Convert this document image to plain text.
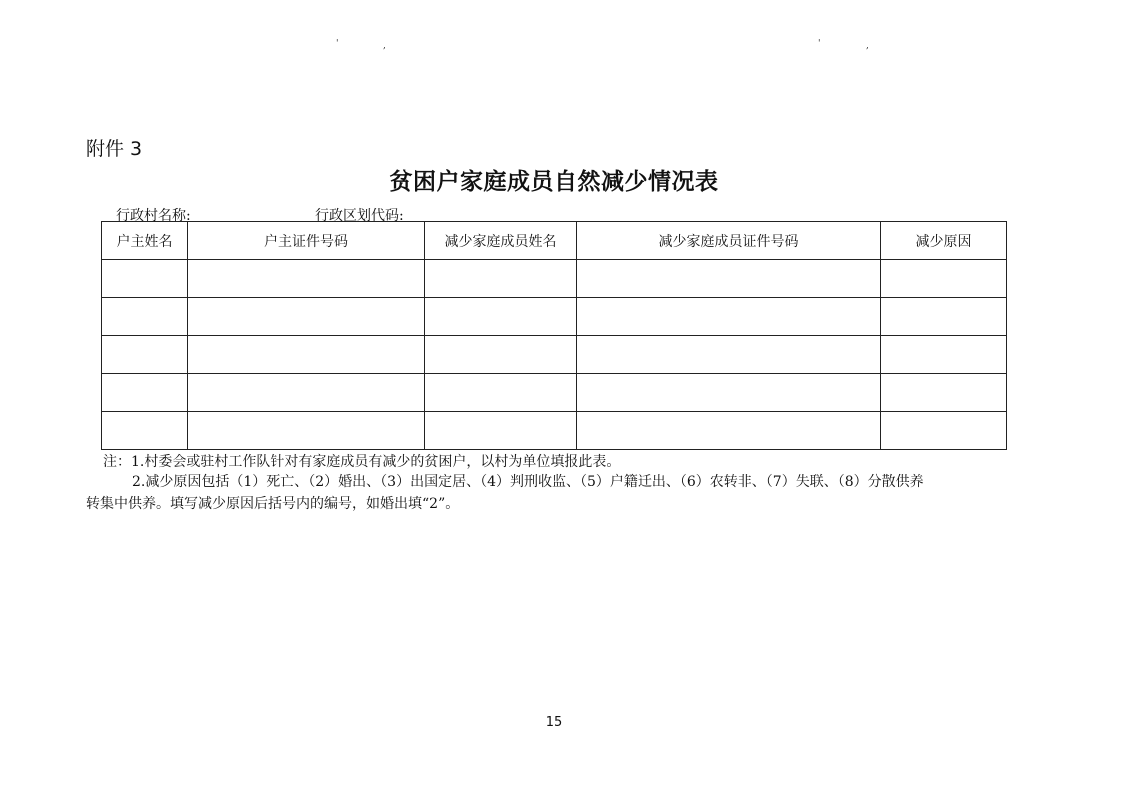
'	,	'	,
附件 3
贫困户家庭成员自然减少情况表
行政村名称:	行政区划代码:
户主姓名	户主证件号码	减少家庭成员姓名	减少家庭成员证件号码	减少原因

注：1.村委会或驻村工作队针对有家庭成员有减少的贫困户，以村为单位填报此表。
2.减少原因包括（1）死亡、（2）婚出、（3）出国定居、（4）判刑收监、（5）户籍迁出、（6）农转非、（7）失联、（8）分散供养
转集中供养。填写减少原因后括号内的编号，如婚出填“2”。
15
